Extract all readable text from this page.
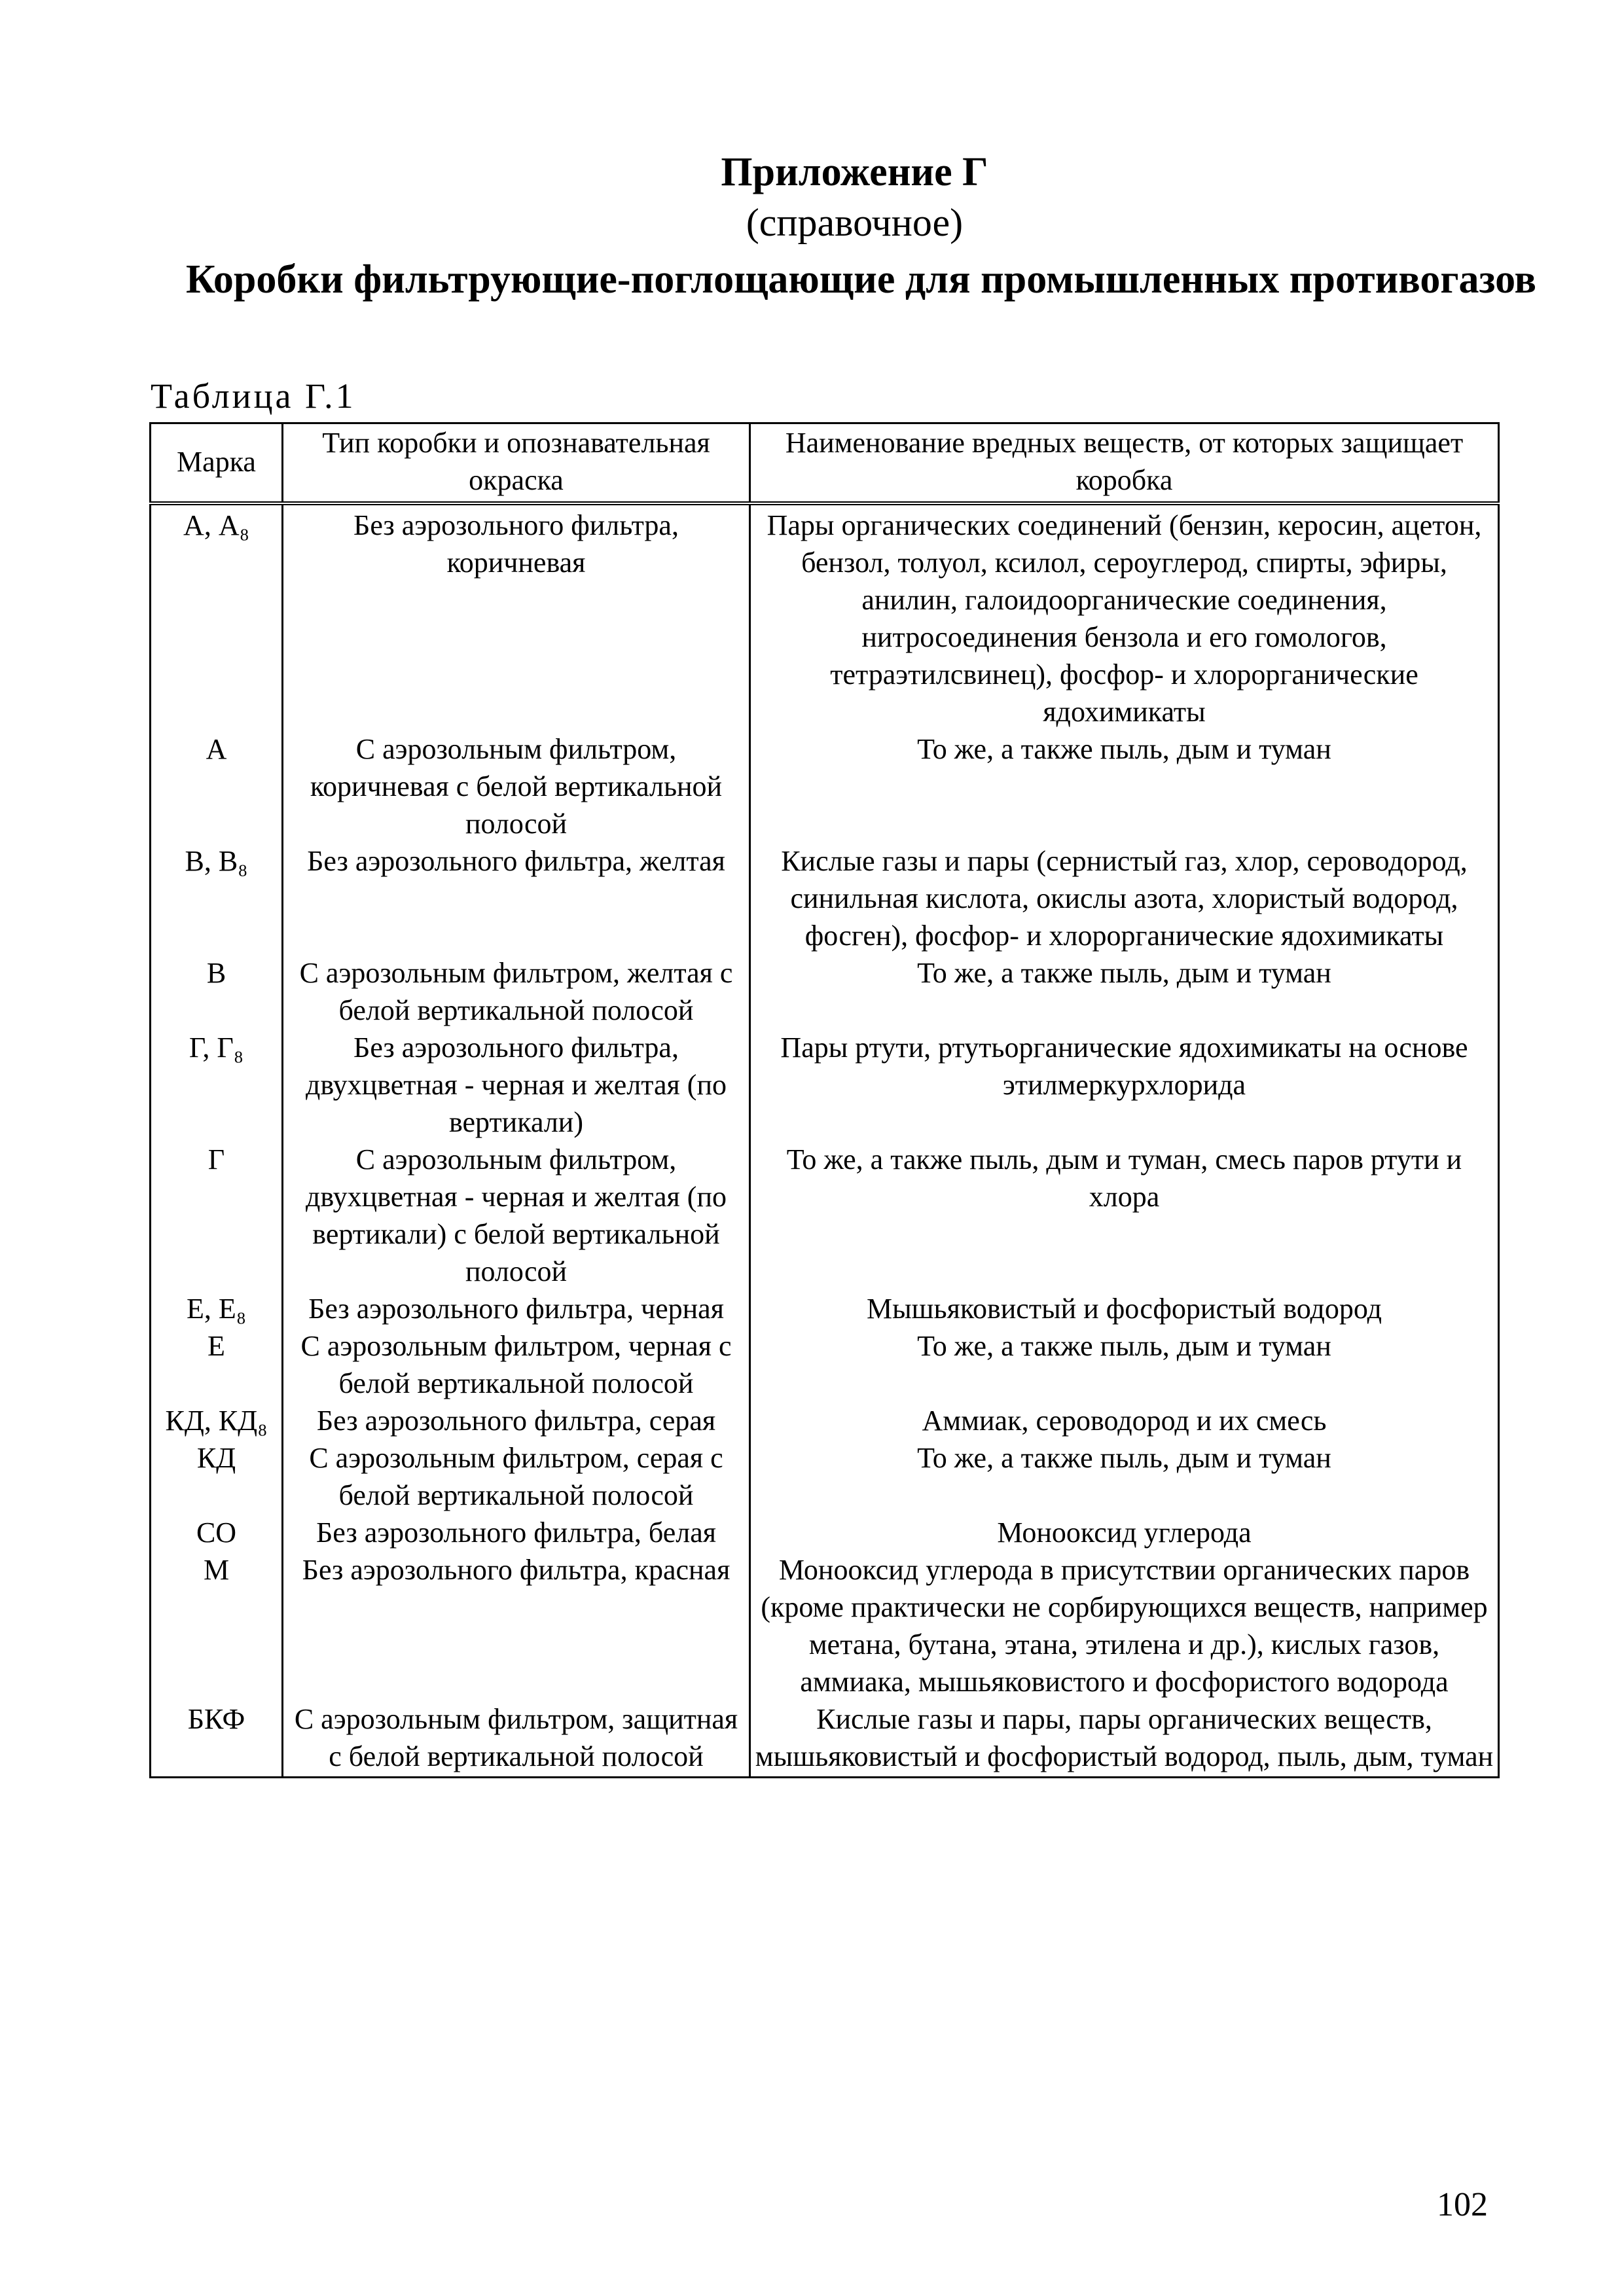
Приложение Г
(справочное)
Коробки фильтрующие-поглощающие для промышленных противогазов
Таблица Г.1
Марка	Тип коробки и опознавательная окраска	Наименование вредных веществ, от которых защищает коробка
А, А₈	Без аэрозольного фильтра, коричневая	Пары органических соединений (бензин, керосин, ацетон, бензол, толуол, ксилол, сероуглерод, спирты, эфиры, анилин, галоидоорганические соединения, нитросоединения бензола и его гомологов, тетраэтилсвинец), фосфор- и хлорорганические ядохимикаты
А	С аэрозольным фильтром, коричневая с белой вертикальной полосой	То же, а также пыль, дым и туман
В, В₈	Без аэрозольного фильтра, желтая	Кислые газы и пары (сернистый газ, хлор, сероводород, синильная кислота, окислы азота, хлористый водород, фосген), фосфор- и хлорорганические ядохимикаты
В	С аэрозольным фильтром, желтая с белой вертикальной полосой	То же, а также пыль, дым и туман
Г, Г₈	Без аэрозольного фильтра, двухцветная - черная и желтая (по вертикали)	Пары ртути, ртутьорганические ядохимикаты на основе этилмеркурхлорида
Г	С аэрозольным фильтром, двухцветная - черная и желтая (по вертикали) с белой вертикальной полосой	То же, а также пыль, дым и туман, смесь паров ртути и хлора
Е, Е₈	Без аэрозольного фильтра, черная	Мышьяковистый и фосфористый водород
Е	С аэрозольным фильтром, черная с белой вертикальной полосой	То же, а также пыль, дым и туман
КД, КД₈	Без аэрозольного фильтра, серая	Аммиак, сероводород и их смесь
КД	С аэрозольным фильтром, серая с белой вертикальной полосой	То же, а также пыль, дым и туман
СО	Без аэрозольного фильтра, белая	Монооксид углерода
М	Без аэрозольного фильтра, красная	Монооксид углерода в присутствии органических паров (кроме практически не сорбирующихся веществ, например метана, бутана, этана, этилена и др.), кислых газов, аммиака, мышьяковистого и фосфористого водорода
БКФ	С аэрозольным фильтром, защитная с белой вертикальной полосой	Кислые газы и пары, пары органических веществ, мышьяковистый и фосфористый водород, пыль, дым, туман
102
